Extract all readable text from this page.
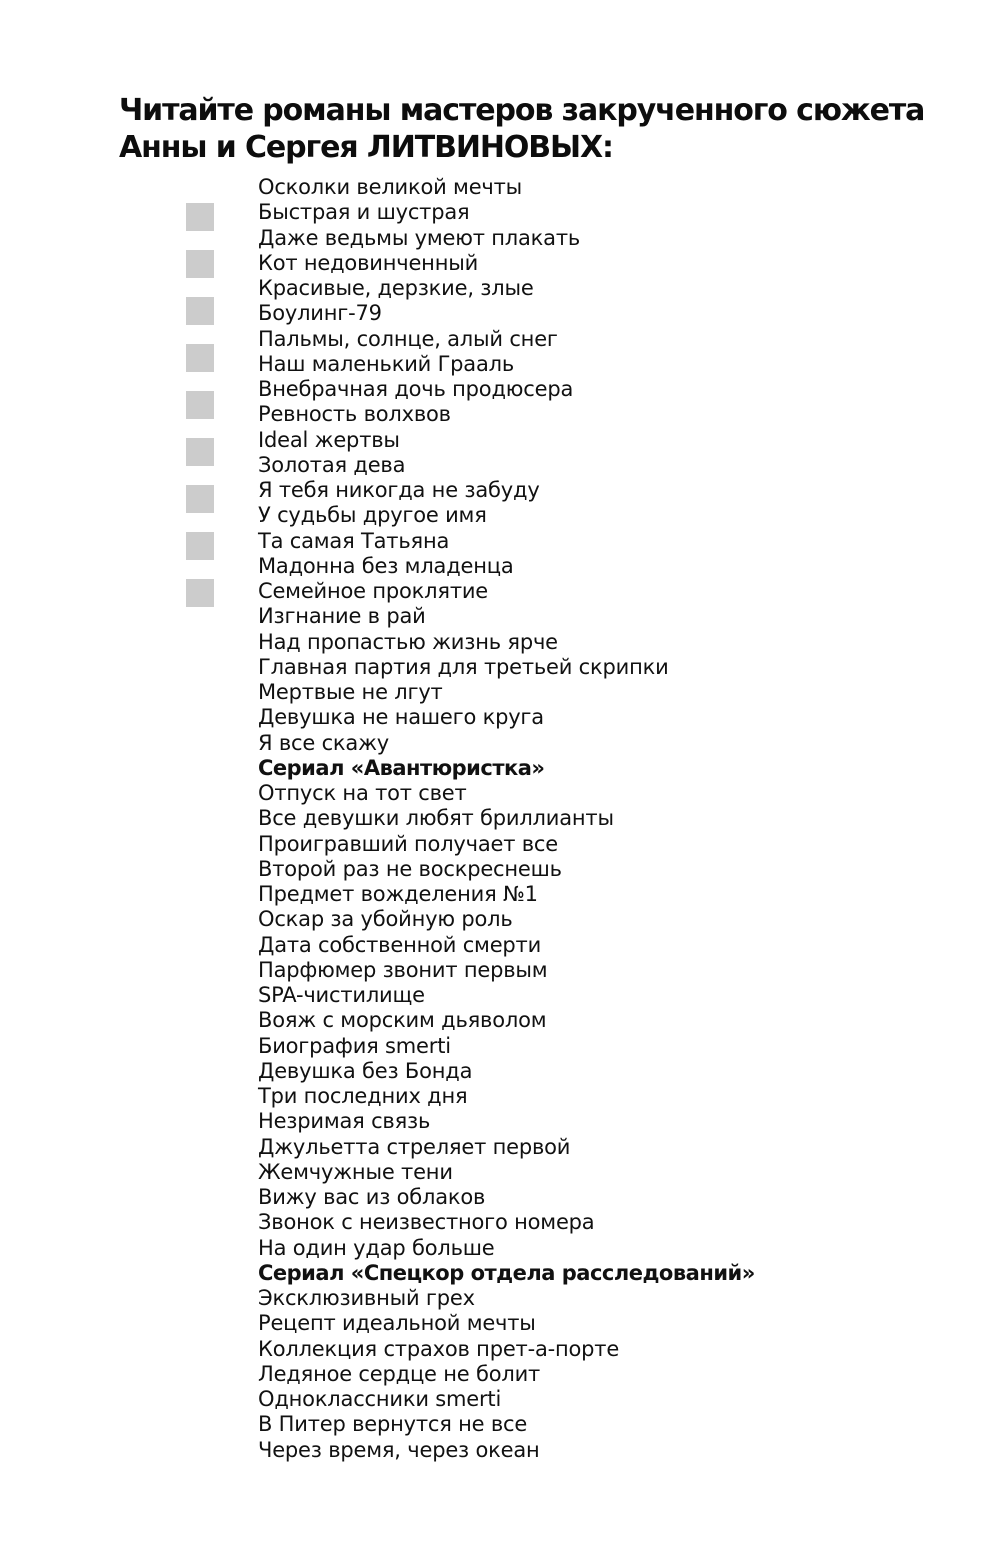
Читайте романы мастеров закрученного сюжета
Анны и Сергея ЛИТВИНОВЫХ:
Осколки великой мечты
Быстрая и шустрая
Даже ведьмы умеют плакать
Кот недовинченный
Красивые, дерзкие, злые
Боулинг-79
Пальмы, солнце, алый снег
Наш маленький Грааль
Внебрачная дочь продюсера
Ревность волхвов
Ideal жертвы
Золотая дева
Я тебя никогда не забуду
У судьбы другое имя
Та самая Татьяна
Мадонна без младенца
Семейное проклятие
Изгнание в рай
Над пропастью жизнь ярче
Главная партия для третьей скрипки
Мертвые не лгут
Девушка не нашего круга
Я все скажу
Сериал «Авантюристка»
Отпуск на тот свет
Все девушки любят бриллианты
Проигравший получает все
Второй раз не воскреснешь
Предмет вожделения №1
Оскар за убойную роль
Дата собственной смерти
Парфюмер звонит первым
SPA-чистилище
Вояж с морским дьяволом
Биография smerti
Девушка без Бонда
Три последних дня
Незримая связь
Джульетта стреляет первой
Жемчужные тени
Вижу вас из облаков
Звонок с неизвестного номера
На один удар больше
Сериал «Спецкор отдела расследований»
Эксклюзивный грех
Рецепт идеальной мечты
Коллекция страхов прет-а-порте
Ледяное сердце не болит
Одноклассники smerti
В Питер вернутся не все
Через время, через океан
